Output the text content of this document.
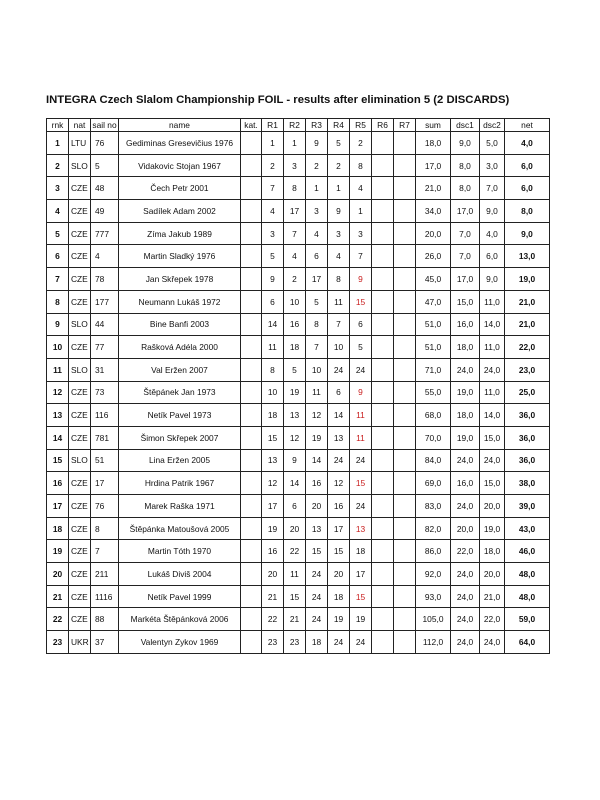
INTEGRA Czech Slalom Championship FOIL - results after elimination 5 (2 DISCARDS)
rnk	nat	sail no	name	kat.	R1	R2	R3	R4	R5	R6	R7	sum	dsc1	dsc2	net
1	LTU	76	Gediminas Gresevičius 1976		1	1	9	5	2			18,0	9,0	5,0	4,0
2	SLO	5	Vidakovic Stojan 1967		2	3	2	2	8			17,0	8,0	3,0	6,0
3	CZE	48	Čech Petr 2001		7	8	1	1	4			21,0	8,0	7,0	6,0
4	CZE	49	Sadílek Adam 2002		4	17	3	9	1			34,0	17,0	9,0	8,0
5	CZE	777	Zíma Jakub 1989		3	7	4	3	3			20,0	7,0	4,0	9,0
6	CZE	4	Martin Sladký 1976		5	4	6	4	7			26,0	7,0	6,0	13,0
7	CZE	78	Jan Skřepek 1978		9	2	17	8	9			45,0	17,0	9,0	19,0
8	CZE	177	Neumann Lukáš 1972		6	10	5	11	15			47,0	15,0	11,0	21,0
9	SLO	44	Bine Banfi 2003		14	16	8	7	6			51,0	16,0	14,0	21,0
10	CZE	77	Rašková Adéla 2000		11	18	7	10	5			51,0	18,0	11,0	22,0
11	SLO	31	Val Eržen 2007		8	5	10	24	24			71,0	24,0	24,0	23,0
12	CZE	73	Štěpánek Jan 1973		10	19	11	6	9			55,0	19,0	11,0	25,0
13	CZE	116	Netík Pavel 1973		18	13	12	14	11			68,0	18,0	14,0	36,0
14	CZE	781	Šimon Skřepek 2007		15	12	19	13	11			70,0	19,0	15,0	36,0
15	SLO	51	Lina Eržen 2005		13	9	14	24	24			84,0	24,0	24,0	36,0
16	CZE	17	Hrdina Patrik 1967		12	14	16	12	15			69,0	16,0	15,0	38,0
17	CZE	76	Marek Raška 1971		17	6	20	16	24			83,0	24,0	20,0	39,0
18	CZE	8	Štěpánka Matoušová 2005		19	20	13	17	13			82,0	20,0	19,0	43,0
19	CZE	7	Martin Tóth 1970		16	22	15	15	18			86,0	22,0	18,0	46,0
20	CZE	211	Lukáš Diviš 2004		20	11	24	20	17			92,0	24,0	20,0	48,0
21	CZE	1116	Netík Pavel 1999		21	15	24	18	15			93,0	24,0	21,0	48,0
22	CZE	88	Markéta Štěpánková 2006		22	21	24	19	19			105,0	24,0	22,0	59,0
23	UKR	37	Valentyn Zykov 1969		23	23	18	24	24			112,0	24,0	24,0	64,0
